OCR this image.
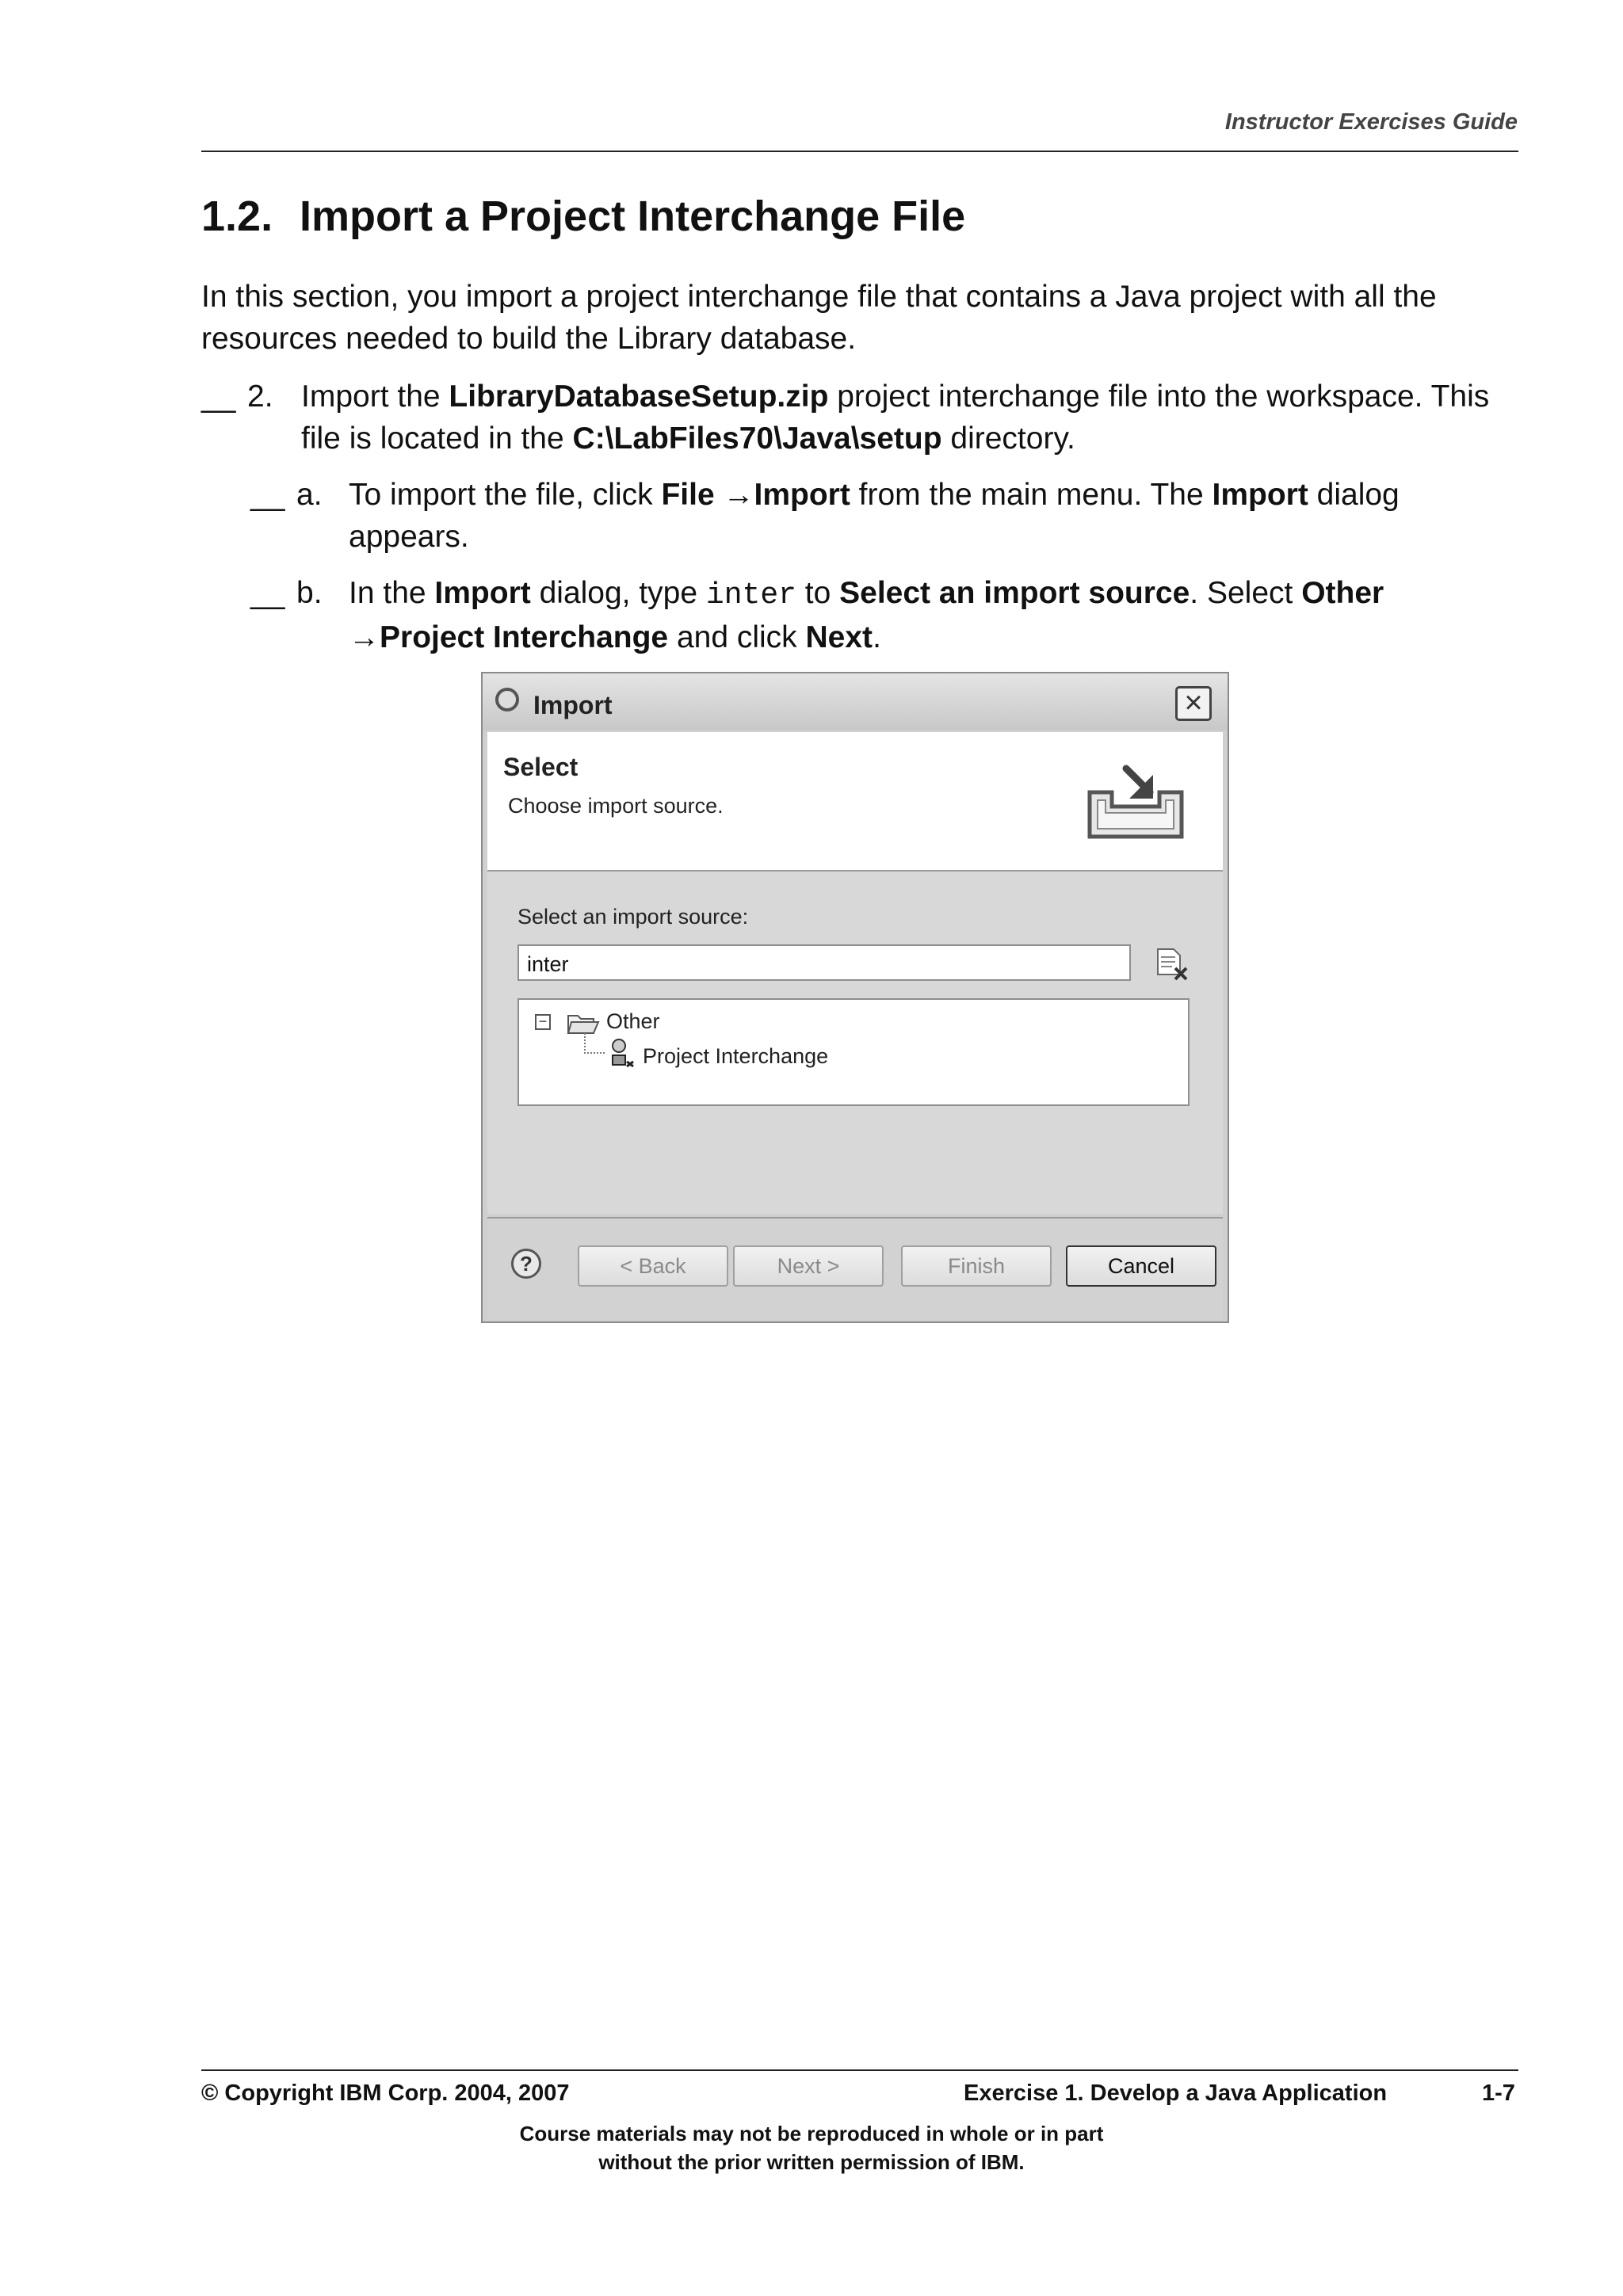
Instructor Exercises Guide
1.2. Import a Project Interchange File
In this section, you import a project interchange file that contains a Java project with all the resources needed to build the Library database.
__ 2. Import the LibraryDatabaseSetup.zip project interchange file into the workspace. This file is located in the C:\LabFiles70\Java\setup directory.
__ a. To import the file, click File →Import from the main menu. The Import dialog appears.
__ b. In the Import dialog, type inter to Select an import source. Select Other →Project Interchange and click Next.
Import	×
Select
Choose import source.
Select an import source:
inter
−	Other
Project Interchange
?	< Back	Next >	Finish	Cancel
© Copyright IBM Corp. 2004, 2007	Exercise 1. Develop a Java Application	1-7
Course materials may not be reproduced in whole or in part
without the prior written permission of IBM.
